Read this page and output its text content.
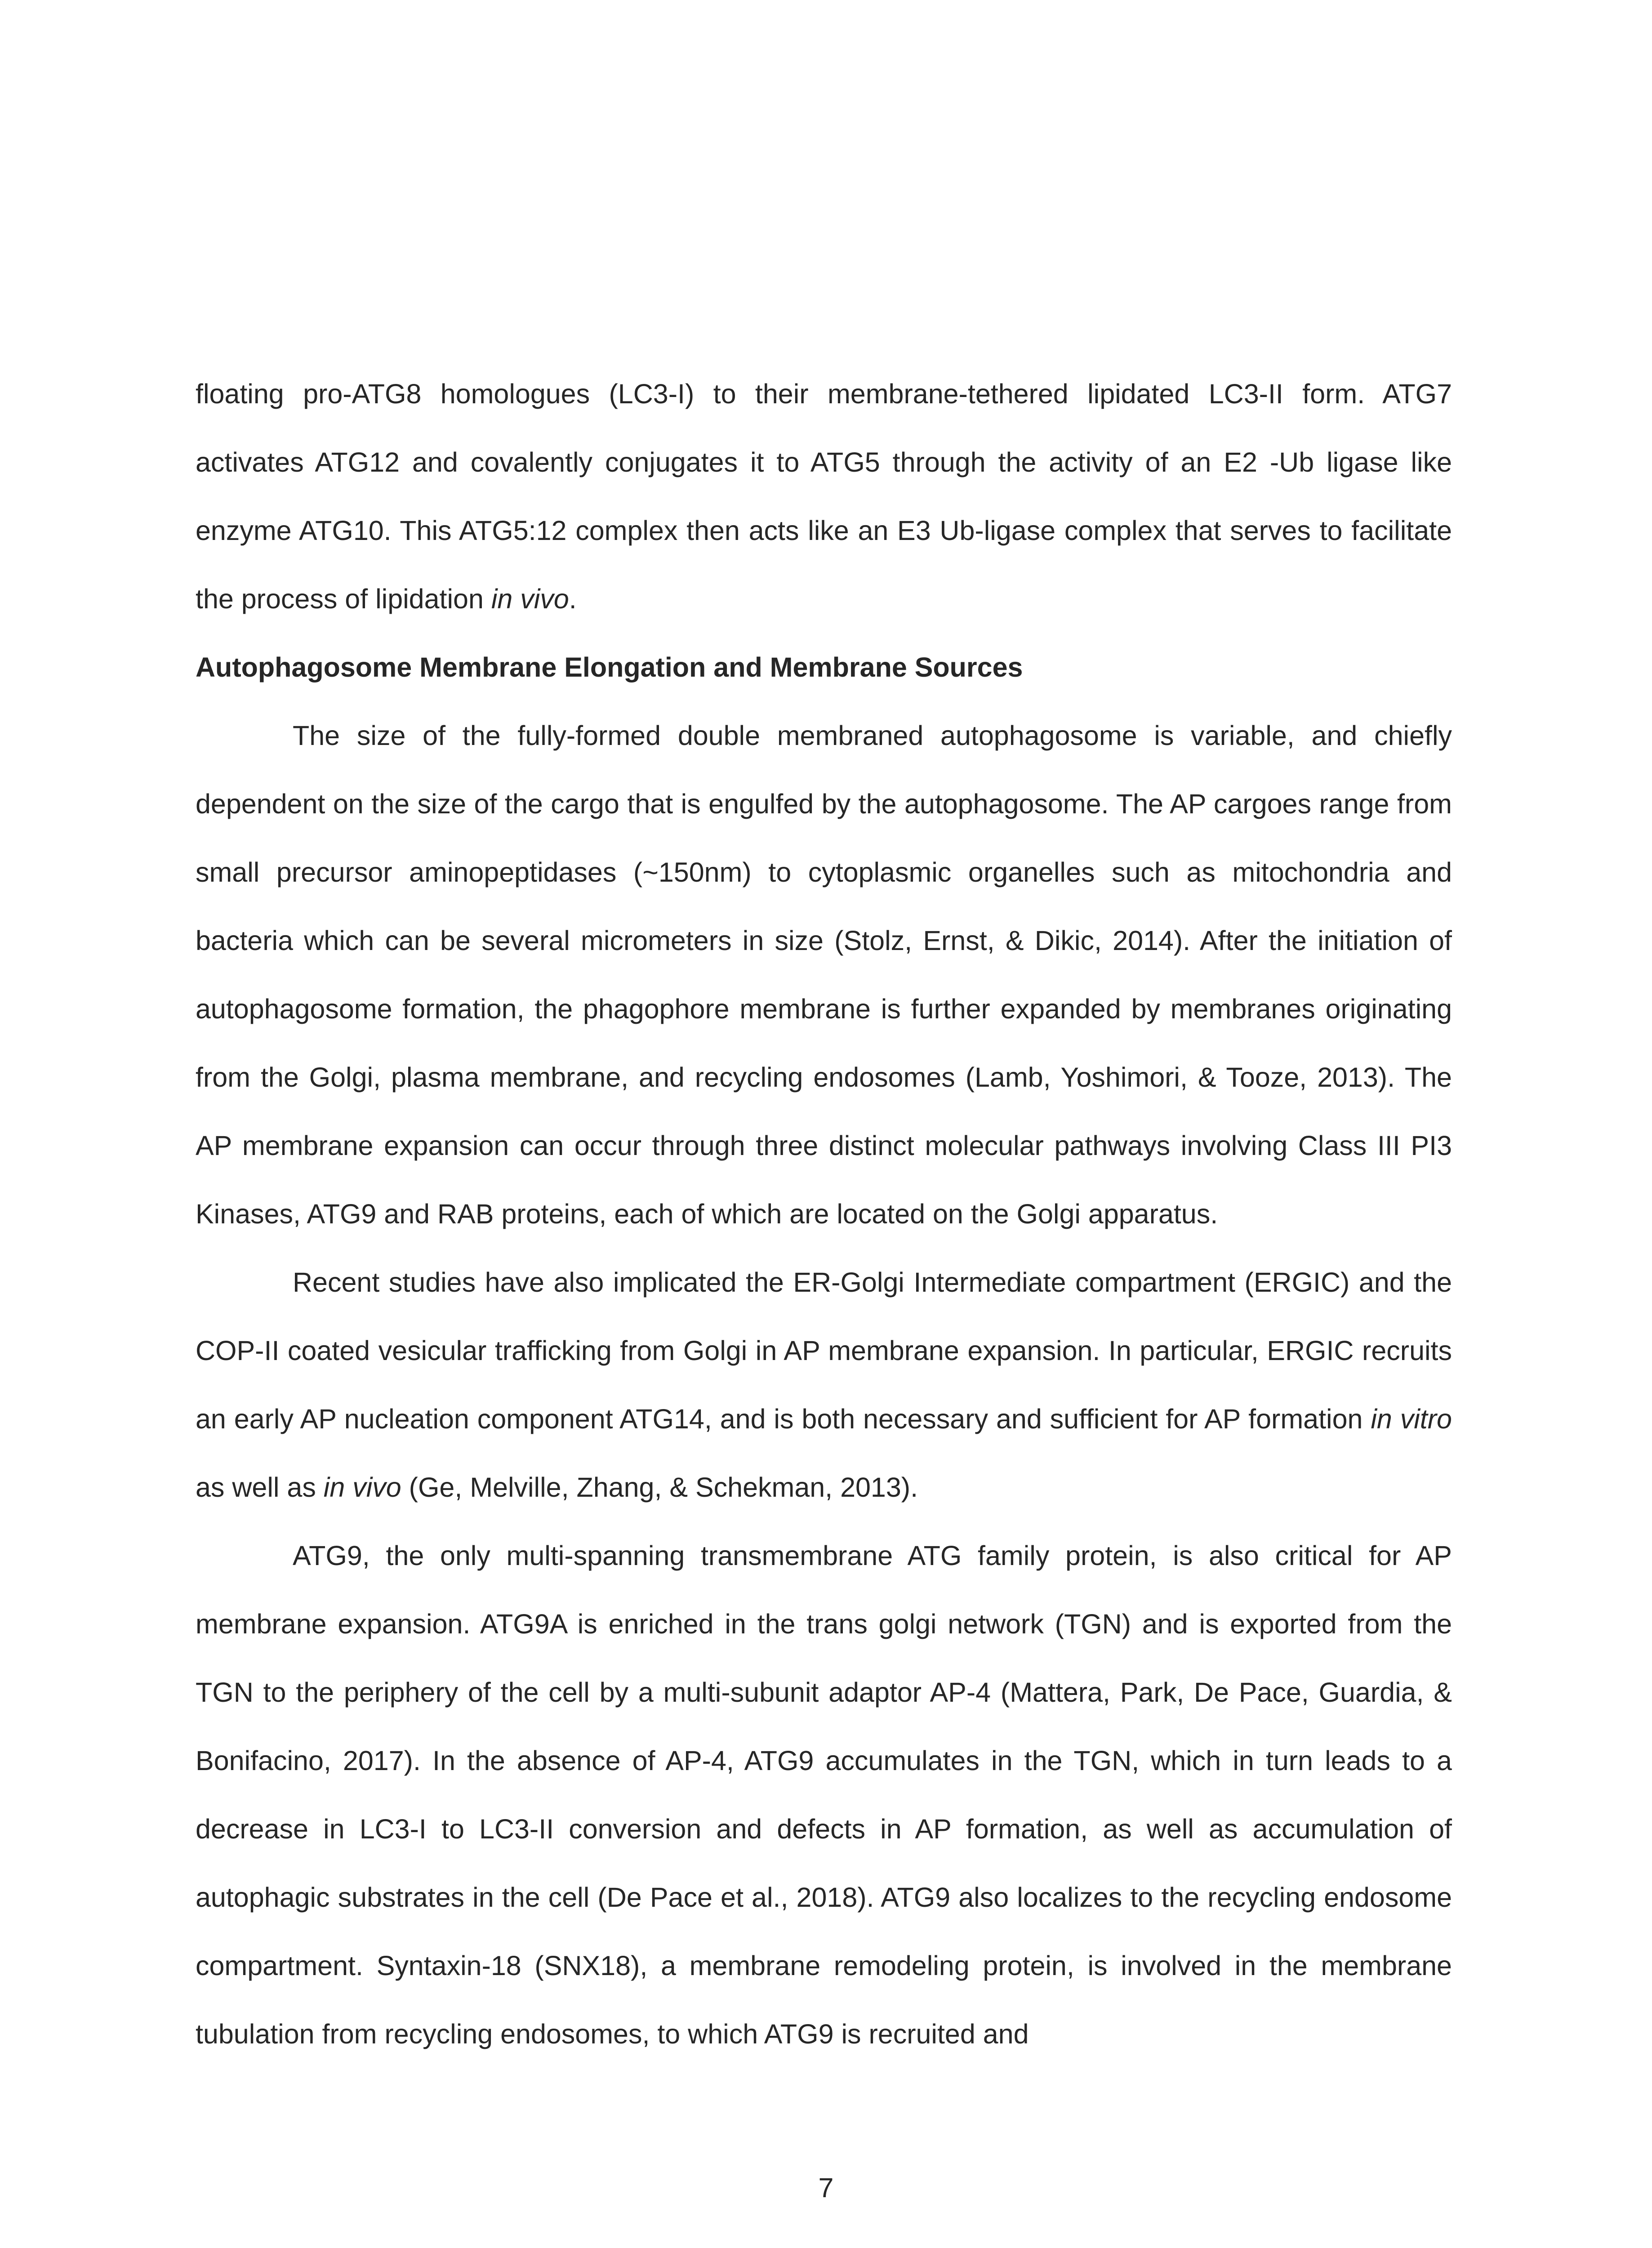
floating pro-ATG8 homologues (LC3-I) to their membrane-tethered lipidated LC3-II form. ATG7 activates ATG12 and covalently conjugates it to ATG5 through the activity of an E2 -Ub ligase like enzyme ATG10. This ATG5:12 complex then acts like an E3 Ub-ligase complex that serves to facilitate the process of lipidation in vivo.

Autophagosome Membrane Elongation and Membrane Sources

The size of the fully-formed double membraned autophagosome is variable, and chiefly dependent on the size of the cargo that is engulfed by the autophagosome. The AP cargoes range from small precursor aminopeptidases (~150nm) to cytoplasmic organelles such as mitochondria and bacteria which can be several micrometers in size (Stolz, Ernst, & Dikic, 2014). After the initiation of autophagosome formation, the phagophore membrane is further expanded by membranes originating from the Golgi, plasma membrane, and recycling endosomes (Lamb, Yoshimori, & Tooze, 2013). The AP membrane expansion can occur through three distinct molecular pathways involving Class III PI3 Kinases, ATG9 and RAB proteins, each of which are located on the Golgi apparatus.

Recent studies have also implicated the ER-Golgi Intermediate compartment (ERGIC) and the COP-II coated vesicular trafficking from Golgi in AP membrane expansion. In particular, ERGIC recruits an early AP nucleation component ATG14, and is both necessary and sufficient for AP formation in vitro as well as in vivo (Ge, Melville, Zhang, & Schekman, 2013).

ATG9, the only multi-spanning transmembrane ATG family protein, is also critical for AP membrane expansion. ATG9A is enriched in the trans golgi network (TGN) and is exported from the TGN to the periphery of the cell by a multi-subunit adaptor AP-4 (Mattera, Park, De Pace, Guardia, & Bonifacino, 2017). In the absence of AP-4, ATG9 accumulates in the TGN, which in turn leads to a decrease in LC3-I to LC3-II conversion and defects in AP formation, as well as accumulation of autophagic substrates in the cell (De Pace et al., 2018). ATG9 also localizes to the recycling endosome compartment. Syntaxin-18 (SNX18), a membrane remodeling protein, is involved in the membrane tubulation from recycling endosomes, to which ATG9 is recruited and

7
